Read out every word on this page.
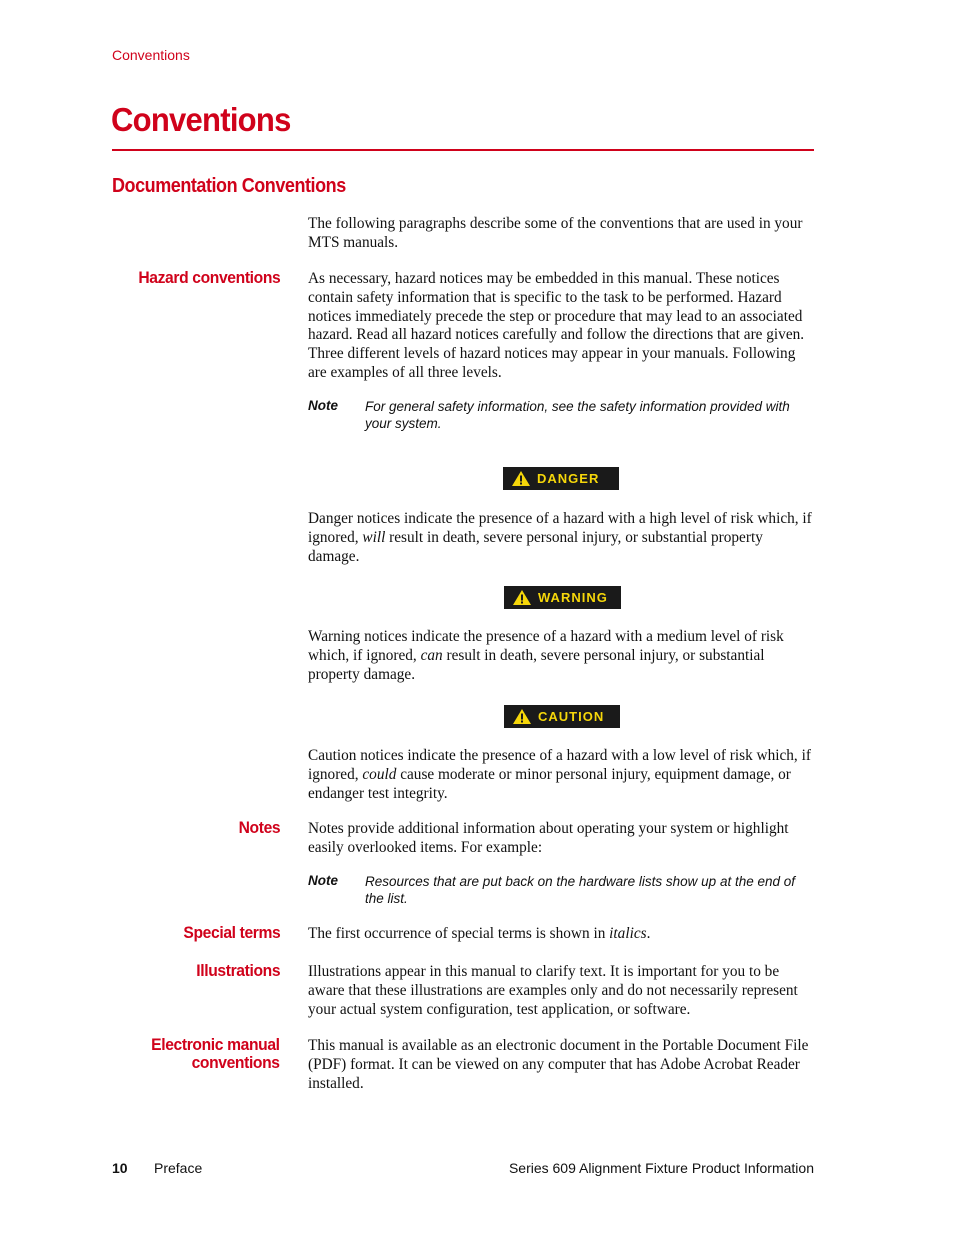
Conventions
Conventions
Documentation Conventions

The following paragraphs describe some of the conventions that are used in your MTS manuals.

Hazard conventions As necessary, hazard notices may be embedded in this manual. These notices contain safety information that is specific to the task to be performed. Hazard notices immediately precede the step or procedure that may lead to an associated hazard. Read all hazard notices carefully and follow the directions that are given. Three different levels of hazard notices may appear in your manuals. Following are examples of all three levels.

Note For general safety information, see the safety information provided with your system.

DANGER

Danger notices indicate the presence of a hazard with a high level of risk which, if ignored, will result in death, severe personal injury, or substantial property damage.

WARNING

Warning notices indicate the presence of a hazard with a medium level of risk which, if ignored, can result in death, severe personal injury, or substantial property damage.

CAUTION

Caution notices indicate the presence of a hazard with a low level of risk which, if ignored, could cause moderate or minor personal injury, equipment damage, or endanger test integrity.

Notes Notes provide additional information about operating your system or highlight easily overlooked items. For example:

Note Resources that are put back on the hardware lists show up at the end of the list.

Special terms The first occurrence of special terms is shown in italics.

Illustrations Illustrations appear in this manual to clarify text. It is important for you to be aware that these illustrations are examples only and do not necessarily represent your actual system configuration, test application, or software.

Electronic manual
conventions

This manual is available as an electronic document in the Portable Document File (PDF) format. It can be viewed on any computer that has Adobe Acrobat Reader installed.

10 Preface	Series 609 Alignment Fixture Product Information
